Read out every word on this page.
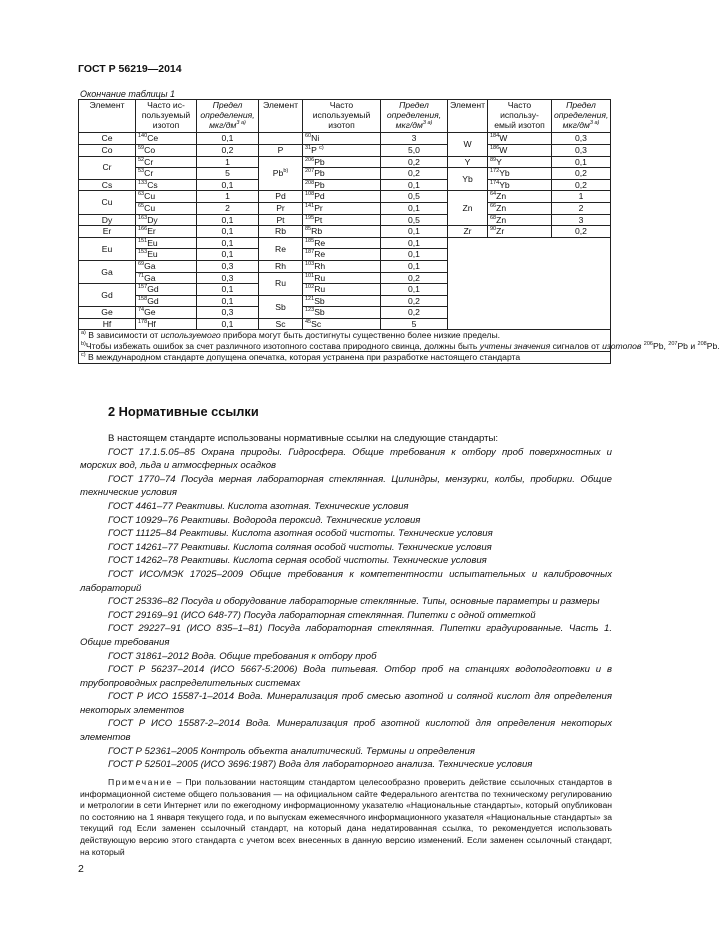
ГОСТ Р 56219—2014
Окончание таблицы 1
Элемент	Часто ис-пользуемый изотоп	Предел определения, мкг/$дм^{3 а)}$	Элемент	Часто используемый изотоп	Предел определения, мкг/$дм^{3 а)}$	Элемент	Часто использу-емый изотоп	Предел определения, мкг/$дм^{3 а)}$
Ce	$^{140}$Ce	0,1		$^{60}$Ni	3	W	$^{184}$W	0,3
Co	$^{59}$Co	0,2	P	$^{31}$P $^{c)}$	5,0		$^{186}$W	0,3
Cr	$^{52}$Cr	1	Pb$^{b)}$	$^{206}$Pb	0,2	Y	$^{89}$Y	0,1
	$^{53}$Cr	5		$^{207}$Pb	0,2	Yb	$^{172}$Yb	0,2
Cs	$^{133}$Cs	0,1		$^{208}$Pb	0,1		$^{174}$Yb	0,2
Cu	$^{63}$Cu	1	Pd	$^{108}$Pd	0,5	Zn	$^{64}$Zn	1
	$^{65}$Cu	2	Pr	$^{141}$Pr	0,1		$^{66}$Zn	2
Dy	$^{163}$Dy	0,1	Pt	$^{195}$Pt	0,5		$^{68}$Zn	3
Er	$^{166}$Er	0,1	Rb	$^{85}$Rb	0,1	Zr	$^{90}$Zr	0,2
Eu	$^{151}$Eu	0,1	Re	$^{185}$Re	0,1			
	$^{153}$Eu	0,1		$^{187}$Re	0,1			
Ga	$^{69}$Ga	0,3	Rh	$^{103}$Rh	0,1			
	$^{71}$Ga	0,3	Ru	$^{101}$Ru	0,2			
Gd	$^{157}$Gd	0,1		$^{102}$Ru	0,1			
	$^{158}$Gd	0,1	Sb	$^{121}$Sb	0,2			
Ge	$^{74}$Ge	0,3		$^{123}$Sb	0,2			
Hf	$^{178}$Hf	0,1	Sc	$^{45}$Sc	5			

$^{а)}$ В зависимости от используемого прибора могут быть достигнуты существенно более низкие пределы.
$^{b)}$Чтобы избежать ошибок за счет различного изотопного состава природного свинца, должны быть учтены значения сигналов от изотопов $^{206}$Pb, $^{207}$Pb и $^{208}$Pb.								

$^{c)}$ В международном стандарте допущена опечатка, которая устранена при разработке настоящего стандарта								
2 Нормативные ссылки

В настоящем стандарте использованы нормативные ссылки на следующие стандарты:

ГОСТ 17.1.5.05–85 Охрана природы. Гидросфера. Общие требования к отбору проб поверхностных и морских вод, льда и атмосферных осадков

ГОСТ 1770–74 Посуда мерная лабораторная стеклянная. Цилиндры, мензурки, колбы, пробирки. Общие технические условия

ГОСТ 4461–77 Реактивы. Кислота азотная. Технические условия

ГОСТ 10929–76 Реактивы. Водорода пероксид. Технические условия

ГОСТ 11125–84 Реактивы. Кислота азотная особой чистоты. Технические условия

ГОСТ 14261–77 Реактивы. Кислота соляная особой чистоты. Технические условия

ГОСТ 14262–78 Реактивы. Кислота серная особой чистоты. Технические условия

ГОСТ ИСО/МЭК 17025–2009 Общие требования к компетентности испытательных и калибровочных лабораторий

ГОСТ 25336–82 Посуда и оборудование лабораторные стеклянные. Типы, основные параметры и размеры

ГОСТ 29169–91 (ИСО 648-77) Посуда лабораторная стеклянная. Пипетки с одной отметкой

ГОСТ 29227–91 (ИСО 835–1–81) Посуда лабораторная стеклянная. Пипетки градуированные. Часть 1. Общие требования

ГОСТ 31861–2012 Вода. Общие требования к отбору проб

ГОСТ Р 56237–2014 (ИСО 5667-5:2006) Вода питьевая. Отбор проб на станциях водоподготовки и в трубопроводных распределительных системах

ГОСТ Р ИСО 15587-1–2014 Вода. Минерализация проб смесью азотной и соляной кислот для определения некоторых элементов

ГОСТ Р ИСО 15587-2–2014 Вода. Минерализация проб азотной кислотой для определения некоторых элементов

ГОСТ Р 52361–2005 Контроль объекта аналитический. Термины и определения

ГОСТ Р 52501–2005 (ИСО 3696:1987) Вода для лабораторного анализа. Технические условия

Примечание – При пользовании настоящим стандартом целесообразно проверить действие ссылочных стандартов в информационной системе общего пользования — на официальном сайте Федерального агентства по техническому регулированию и метрологии в сети Интернет или по ежегодному информационному указателю «Национальные стандарты», который опубликован по состоянию на 1 января текущего года, и по выпускам ежемесячного информационного указателя «Национальные стандарты» за текущий год Если заменен ссылочный стандарт, на который дана недатированная ссылка, то рекомендуется использовать действующую версию этого стандарта с учетом всех внесенных в данную версию изменений. Если заменен ссылочный стандарт, на который

2
